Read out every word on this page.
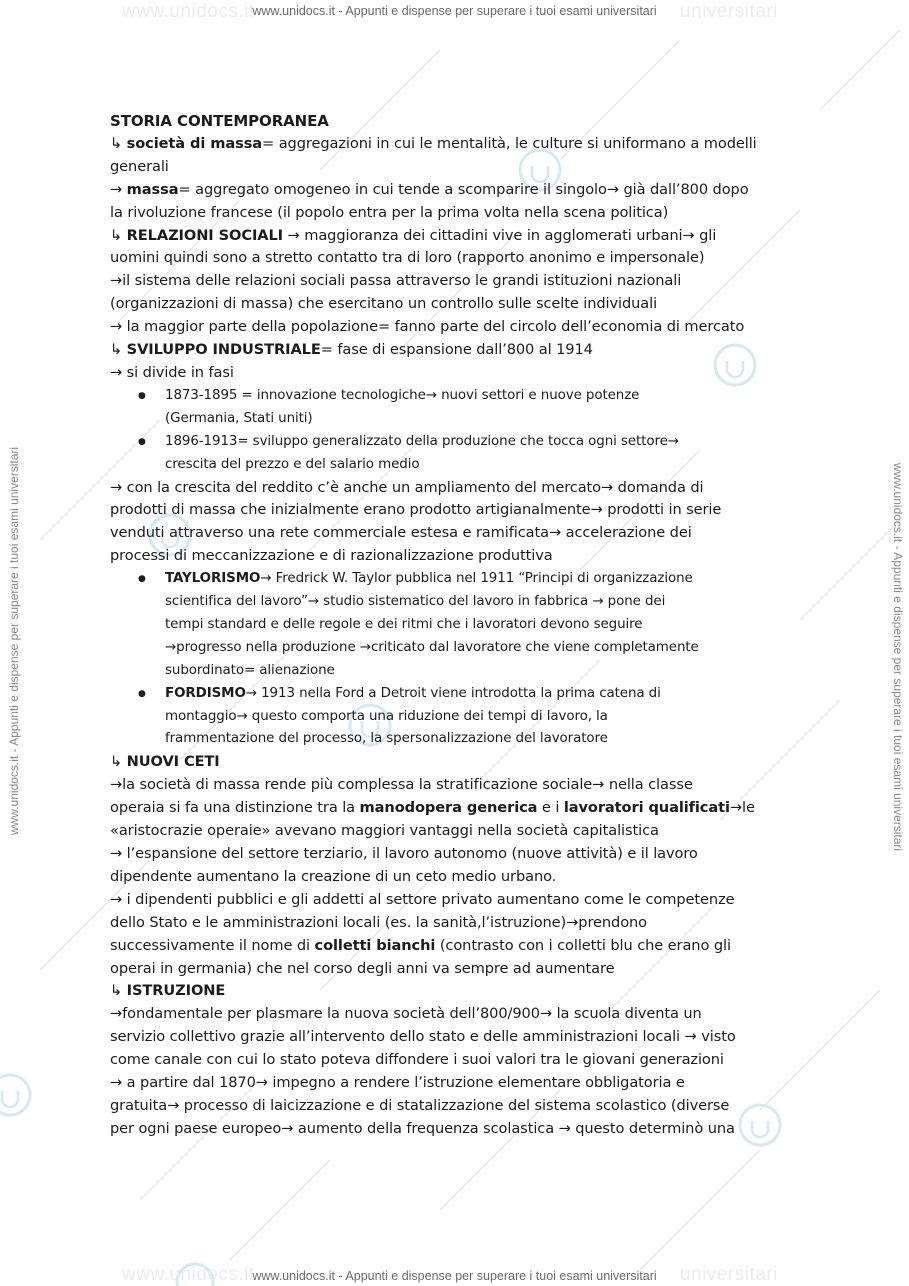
www.unidocs.it	universitari
www.unidocs.it	universitari
www.unidocs.it - Appunti e dispense per superare i tuoi esami universitari
www.unidocs.it - Appunti e dispense per superare i tuoi esami universitari
www.unidocs.it - Appunti e dispense per superare i tuoi esami universitari	www.unidocs.it - Appunti e dispense per superare i tuoi esami universitari

STORIA CONTEMPORANEA

↳ società di massa= aggregazioni in cui le mentalità, le culture si uniformano a modelli

generali

→ massa= aggregato omogeneo in cui tende a scomparire il singolo→ già dall’800 dopo

la rivoluzione francese (il popolo entra per la prima volta nella scena politica)

↳ RELAZIONI SOCIALI → maggioranza dei cittadini vive in agglomerati urbani→ gli

uomini quindi sono a stretto contatto tra di loro (rapporto anonimo e impersonale)

→il sistema delle relazioni sociali passa attraverso le grandi istituzioni nazionali

(organizzazioni di massa) che esercitano un controllo sulle scelte individuali

→ la maggior parte della popolazione= fanno parte del circolo dell’economia di mercato

↳ SVILUPPO INDUSTRIALE= fase di espansione dall’800 al 1914

→ si divide in fasi

● 1873-1895 = innovazione tecnologiche→ nuovi settori e nuove potenze

(Germania, Stati uniti)

● 1896-1913= sviluppo generalizzato della produzione che tocca ogni settore→

crescita del prezzo e del salario medio

→ con la crescita del reddito c’è anche un ampliamento del mercato→ domanda di

prodotti di massa che inizialmente erano prodotto artigianalmente→ prodotti in serie

venduti attraverso una rete commerciale estesa e ramificata→ accelerazione dei

processi di meccanizzazione e di razionalizzazione produttiva

● TAYLORISMO→ Fredrick W. Taylor pubblica nel 1911 “Principi di organizzazione

scientifica del lavoro”→ studio sistematico del lavoro in fabbrica → pone dei

tempi standard e delle regole e dei ritmi che i lavoratori devono seguire

→progresso nella produzione →criticato dal lavoratore che viene completamente

subordinato= alienazione

● FORDISMO→ 1913 nella Ford a Detroit viene introdotta la prima catena di

montaggio→ questo comporta una riduzione dei tempi di lavoro, la

frammentazione del processo, la spersonalizzazione del lavoratore

↳ NUOVI CETI

→la società di massa rende più complessa la stratificazione sociale→ nella classe

operaia si fa una distinzione tra la manodopera generica e i lavoratori qualificati→le

«aristocrazie operaie» avevano maggiori vantaggi nella società capitalistica

→ l’espansione del settore terziario, il lavoro autonomo (nuove attività) e il lavoro

dipendente aumentano la creazione di un ceto medio urbano.

→ i dipendenti pubblici e gli addetti al settore privato aumentano come le competenze

dello Stato e le amministrazioni locali (es. la sanità,l’istruzione)→prendono

successivamente il nome di colletti bianchi (contrasto con i colletti blu che erano gli

operai in germania) che nel corso degli anni va sempre ad aumentare

↳ ISTRUZIONE

→fondamentale per plasmare la nuova società dell’800/900→ la scuola diventa un

servizio collettivo grazie all’intervento dello stato e delle amministrazioni locali → visto

come canale con cui lo stato poteva diffondere i suoi valori tra le giovani generazioni

→ a partire dal 1870→ impegno a rendere l’istruzione elementare obbligatoria e

gratuita→ processo di laicizzazione e di statalizzazione del sistema scolastico (diverse

per ogni paese europeo→ aumento della frequenza scolastica → questo determinò una
